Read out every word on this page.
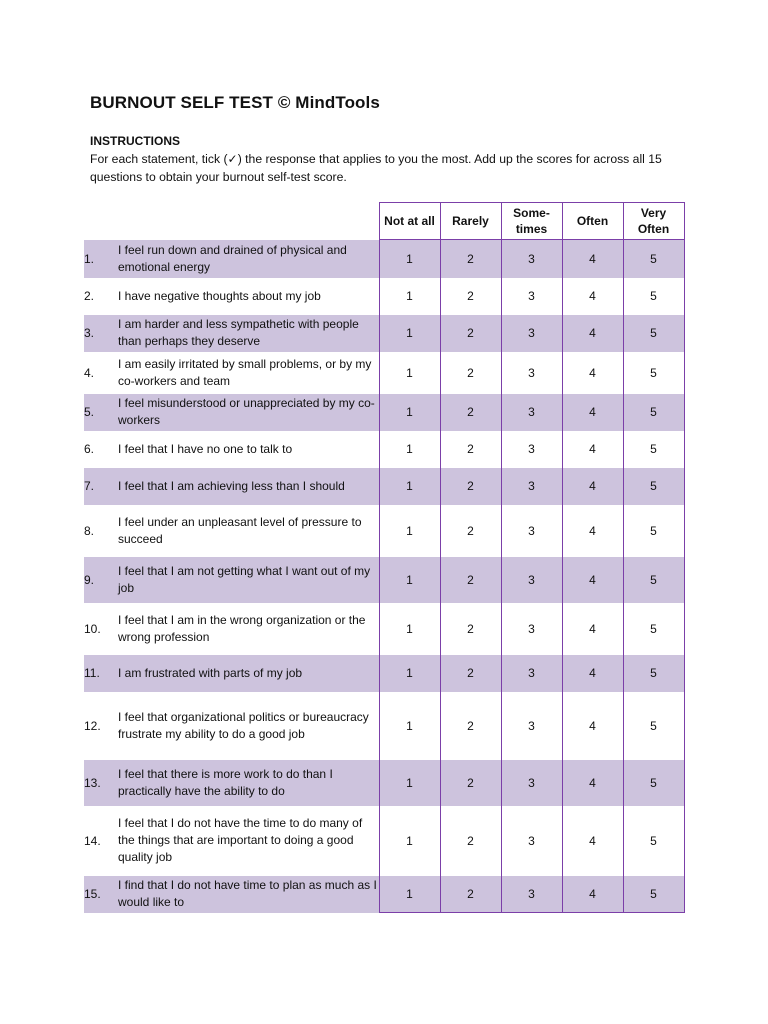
BURNOUT SELF TEST © MindTools
INSTRUCTIONS
For each statement, tick (✓) the response that applies to you the most. Add up the scores for across all 15 questions to obtain your burnout self-test score.
		Not at all	Rarely	Some-times	Often	Very Often
1.	I feel run down and drained of physical and emotional energy	1	2	3	4	5
2.	I have negative thoughts about my job	1	2	3	4	5
3.	I am harder and less sympathetic with people than perhaps they deserve	1	2	3	4	5
4.	I am easily irritated by small problems, or by my co-workers and team	1	2	3	4	5
5.	I feel misunderstood or unappreciated by my co-workers	1	2	3	4	5
6.	I feel that I have no one to talk to	1	2	3	4	5
7.	I feel that I am achieving less than I should	1	2	3	4	5
8.	I feel under an unpleasant level of pressure to succeed	1	2	3	4	5
9.	I feel that I am not getting what I want out of my job	1	2	3	4	5
10.	I feel that I am in the wrong organization or the wrong profession	1	2	3	4	5
11.	I am frustrated with parts of my job	1	2	3	4	5
12.	I feel that organizational politics or bureaucracy frustrate my ability to do a good job	1	2	3	4	5
13.	I feel that there is more work to do than I practically have the ability to do	1	2	3	4	5
14.	I feel that I do not have the time to do many of the things that are important to doing a good quality job	1	2	3	4	5
15.	I find that I do not have time to plan as much as I would like to	1	2	3	4	5
